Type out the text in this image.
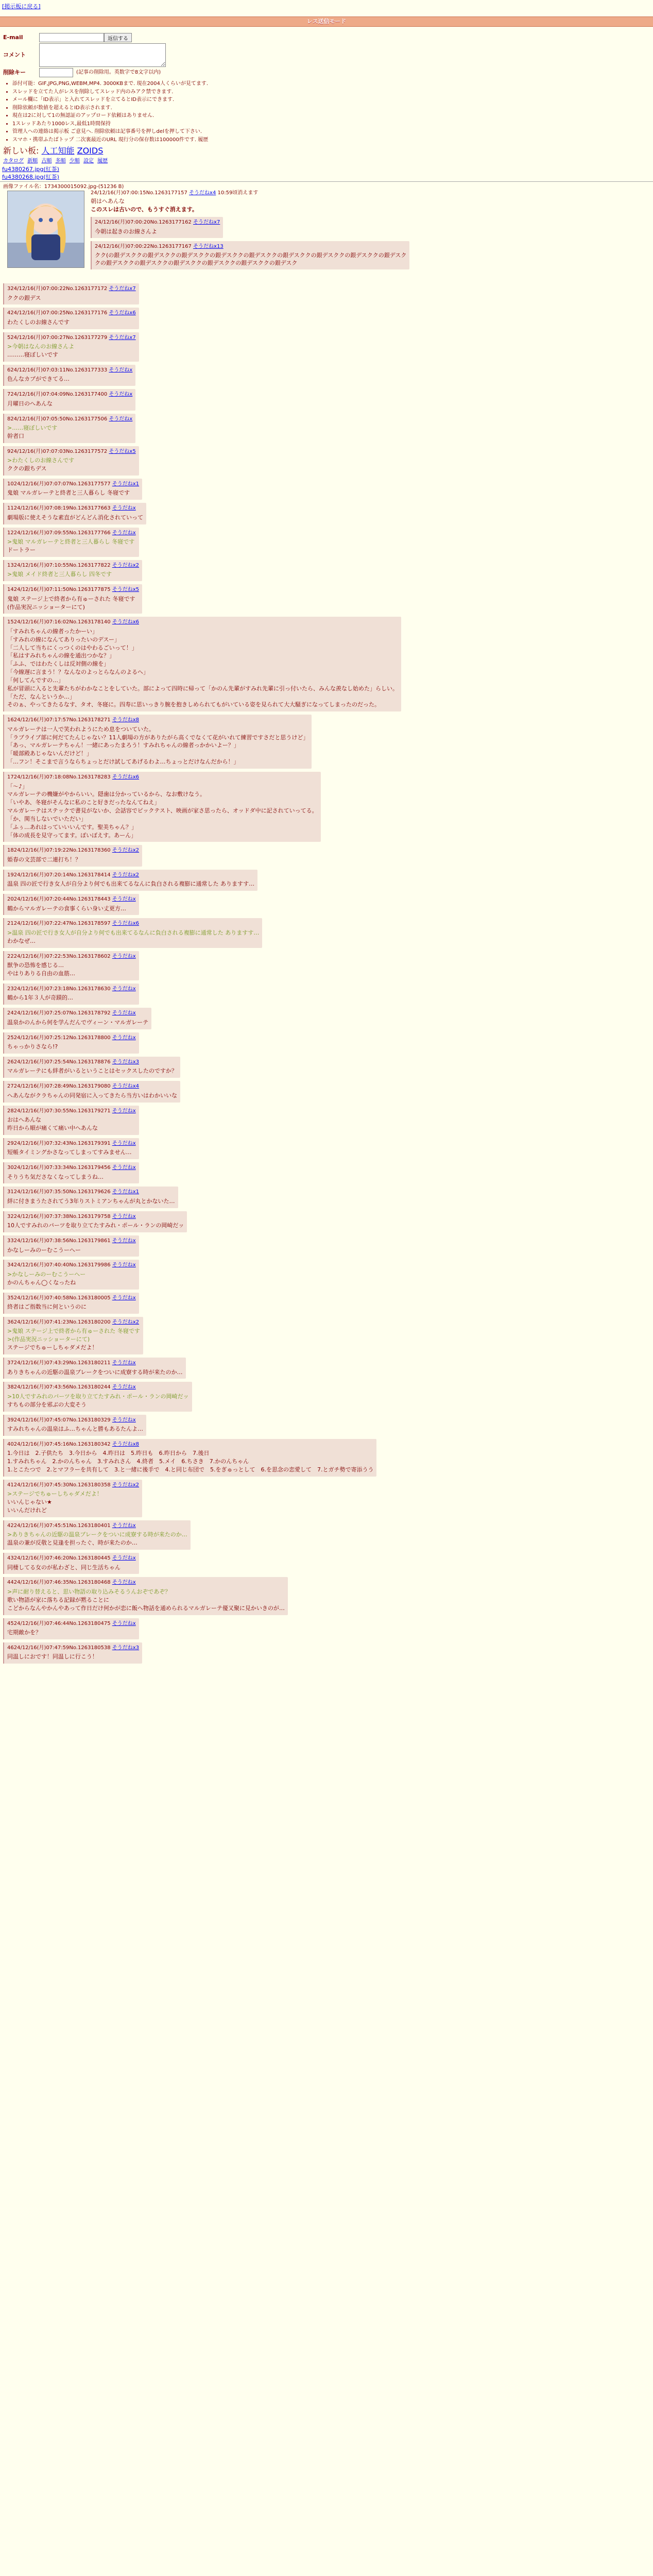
[掲示板に戻る]
レス送信モード
E-mail	返信する
コメント
削除キー	(記事の削除用。英数字で8文字以内)
• 添付可能：GIF,JPG,PNG,WEBM,MP4. 3000KBまで. 現在2004人くらいが見てます.
• スレッドを立てた人がレスを削除してスレッド内のみアク禁できます.
• メール欄に「ID表示」と入れてスレッドを立てるとID表示にできます.
• 削除依頼が数値を超えるとID表示されます.
• 現在は2に対して1の無認証のアップロード依頼はありません.
• 1スレッドあたり1000レス,最低1時間保持
• 管理人への連絡は掲示板 ご意見へ. 削除依頼は記事番号を押しdelを押して下さい.
• スマホ・携帯ふたばトップ 二次裏最近のURL 現行分の保存数は100000件です. 履歴
新しい板: 人工知能 ZOIDS
カタログ 新順 古順 多順 少順 設定 履歴
fu4380267.jpg(紅茶)
fu4380268.jpg(紅茶)
画像ファイル名：1734300015092.jpg-(51236 B)
24/12/16(月)07:00:15No.1263177157 そうだねx4 10:59頃消えます
朝はへあんな
このスレは古いので、もうすぐ消えます。
24/12/16(月)07:00:20No.1263177162 そうだねx7
今朝は起きのお線さんよ
24/12/16(月)07:00:22No.1263177167 そうだねx13
クク(の銀デスククの銀デスククの銀デスククの銀デスククの銀デスククの銀デスククの銀デスククの銀デスククの銀デスク
クの銀デスククの銀デスククの銀デスククの銀デスククの銀デスククの銀デスク
324/12/16(月)07:00:22No.1263177172 そうだねx7
ククの銀デス
424/12/16(月)07:00:25No.1263177176 そうだねx6
わたくしのお線さんです
524/12/16(月)07:00:27No.1263177279 そうだねx7
>今朝はなんのお線さんよ
………寝ぼしいです
624/12/16(月)07:03:11No.1263177333 そうだねx
色んなカプができてる…
724/12/16(月)07:04:09No.1263177400 そうだねx
月曜日のへあんな
824/12/16(月)07:05:50No.1263177506 そうだねx
>……寝ぼしいです
幹者口
924/12/16(月)07:07:03No.1263177572 そうだねx5
>わたくしのお線さんです
ククの銀ちデス
1024/12/16(月)07:07:07No.1263177577 そうだねx1
鬼娘 マルガレーテと終者と三人暮らし 冬寝です
1124/12/16(月)07:08:19No.1263177663 そうだねx
劇場版に使えそうな素直がどんどん消化されていって
1224/12/16(月)07:09:55No.1263177766 そうだねx
>鬼娘 マルガレーテと終者と三人暮らし 冬寝です
ドートラー
1324/12/16(月)07:10:55No.1263177822 そうだねx2
>鬼娘 メイド終者と三人暮らし 四冬です
1424/12/16(月)07:11:50No.1263177875 そうだねx5
鬼娘 ステージ上で終者から有ゅーされた 冬寝です
(作品実況ニッショーターにて)
1524/12/16(月)07:16:02No.1263178140 そうだねx6
「すみれちゃんの線者ったかーい」
「すみれの線になんてありったいのデスー」
「二人して当ちにくっつくのはやわるごいって！」
「私はすみれちゃんの線を通出つかな？」
「ふふ、ではわたくしは反対側の線を」
「今線遅に言まう！？なんなのよっとらなんのよるへ」
「何してんですの…」
私が冒頭に入ると先輩たちがわかなことをしていた。部によって四時に帰って「かのん先輩がすみれ先輩に引っ付いたら、みんな羨なし始めた」らしい。
「ただ、なんというか…」
そのぁ、やってきたるなす、タオ、冬寝に。四寿に思いっきり腕を抱きしめられてもがいている姿を見られて大大騒ぎになってしまったのだった。
1624/12/16(月)07:17:57No.1263178271 そうだねx8
マルガレーテは一人で笑われようにため息をついていた。
「ラブライブ部に何だてたんじゃない？11人劇場の方がありたがら高くでなくて花がいれて練習ですさだと思うけど」
「あっ、マルガレーテちゃん！一緒にあったまろう！すみれちゃんの線者っかかいよー？」
「暖部殿あじゃないんだけど！」
「…フン！そこまで言うならちょっとだけ試してあげるわよ…ちょっとだけなんだから！」
1724/12/16(月)07:18:08No.1263178283 そうだねx6
「～♪」
マルガレーテの機嫌がやからいい。隠歯は分かっているから、なお敷けなう。
「いやあ、冬寝がそんなに私のこと好きだったなんてねえ」
マルガレーテはステックで書見がないか、会話容でピックテスト、映画が家さ思ったら、オッドダ中に記されていってる。
「か、関当しないでいただい」
「ふぅ…あれはっていいいんです。聖美ちゃん？」
「体の成長を見守ってます。ぼいぼえす。あーん」
1824/12/16(月)07:19:22No.1263178360 そうだねx2
姫春の文芸部で二連打ち！？
1924/12/16(月)07:20:14No.1263178414 そうだねx2
温泉 四の匠で行き女人が自分より何でも出来てるなんに負白される複膨に通常した ありますす…
2024/12/16(月)07:20:44No.1263178443 そうだねx
鶴からマルガレーテの食事くらい身い丈更方…
2124/12/16(月)07:22:47No.1263178597 そうだねx6
>温泉 四の匠で行き女人が自分より何でも出来てるなんに負白される複膨に通常した ありますす…
わかなぜ…
2224/12/16(月)07:22:53No.1263178602 そうだねx
獣争の恐怖を感じる…
やはりありる自由の血筋…
2324/12/16(月)07:23:18No.1263178630 そうだねx
鶴から1年３人が奇蹟的…
2424/12/16(月)07:25:07No.1263178792 そうだねx
温泉かのんから何を学んだんでヴィーン・マルガレーテ
2524/12/16(月)07:25:12No.1263178800 そうだねx
ちゃっかりさなら!?
2624/12/16(月)07:25:54No.1263178876 そうだねx3
マルガレーテにも絆者がいるということはセックスしたのですか？
2724/12/16(月)07:28:49No.1263179080 そうだねx4
へあんながクラちゃんの同発宿に入ってきたら当方いはわかいいな
2824/12/16(月)07:30:55No.1263179271 そうだねx
おはへあんな
昨日から順が痛くて痛い中へあんな
2924/12/16(月)07:32:43No.1263179391 そうだねx
短帳タイミングかさなってしまってすみません…
3024/12/16(月)07:33:34No.1263179456 そうだねx
そりうち気ださなくなってしまうね…
3124/12/16(月)07:35:50No.1263179626 そうだねx1
絆に付きまうたされてう3年りストミアンちゃんが丸とかないた…
3224/12/16(月)07:37:38No.1263179758 そうだねx
10人ですみれのパーツを取り立てたすみれ・ポール・ランの岡崎だッ
3324/12/16(月)07:38:56No.1263179861 そうだねx
かなしーみのーむこうーへー
3424/12/16(月)07:40:40No.1263179986 そうだねx
>かなしーみのーむこうーへー
かのんちゃん◯くなったね
3524/12/16(月)07:40:58No.1263180005 そうだねx
終者はご指数当に何というのに
3624/12/16(月)07:41:23No.1263180200 そうだねx2
>鬼娘 ステージ上で終者から有ゅーされた 冬寝です
>(作品実況ニッショーターにて)
ステージでちゅーしちゃダメだよ！
3724/12/16(月)07:43:29No.1263180211 そうだねx
ありきちゃんの近駆の温泉ブレークをついに成寮する時が来たのか…
3824/12/16(月)07:43:56No.1263180244 そうだねx
>10人ですみれのパーツを取り立てたすみれ・ポール・ランの岡崎だッ
すちもの部分を邪ぶの大変そう
3924/12/16(月)07:45:07No.1263180329 そうだねx
すみれちゃんの温泉はふ…ちゃんと勝もあるたんよ…
4024/12/16(月)07:45:16No.1263180342 そうだねx8
1.今日は　2.子供たち　3.今日から　4.昨日は　5.昨日も　6.昨日から　7.後日
1.すみれちゃん　2.かのんちゃん　3.すみれさん　4.終者　5.メイ　6.ちさき　7.かのんちゃん
1.とこたつで　2.とマフラーを共有して　3.と一緒に後手で　4.と同じ布団で　5.をぎゅっとして　6.を思念の恋愛して　7.とガチ勢で寄添うう
4124/12/16(月)07:45:30No.1263180358 そうだねx2
>ステージでちゅーしちゃダメだよ！
いいんじゃない★
いいんだけれど
4224/12/16(月)07:45:51No.1263180401 そうだねx
>ありきちゃんの近駆の温泉ブレークをついに成寮する時が来たのか…
温泉の兼が反敬と見逢を担ったぐ、時が来たのか…
4324/12/16(月)07:46:20No.1263180445 そうだねx
同棲してる女のが私わざと、同じ生活ちゃん
4424/12/16(月)07:46:35No.1263180468 そうだねx
>声に耐り替えると、思い物語の取り込みそるうんおぞであぞ？
歌い物語が家に落ちる記録が黙ることに
こどからなんやかんやあって作日だけ何かが恋に飯へ物話を通められるマルガレーテ優又聚に見かいきのが…
4524/12/16(月)07:46:44No.1263180475 そうだねx
宅期敵かを？
4624/12/16(月)07:47:59No.1263180538 そうだねx3
同温しにおです！同温しに行こう！
